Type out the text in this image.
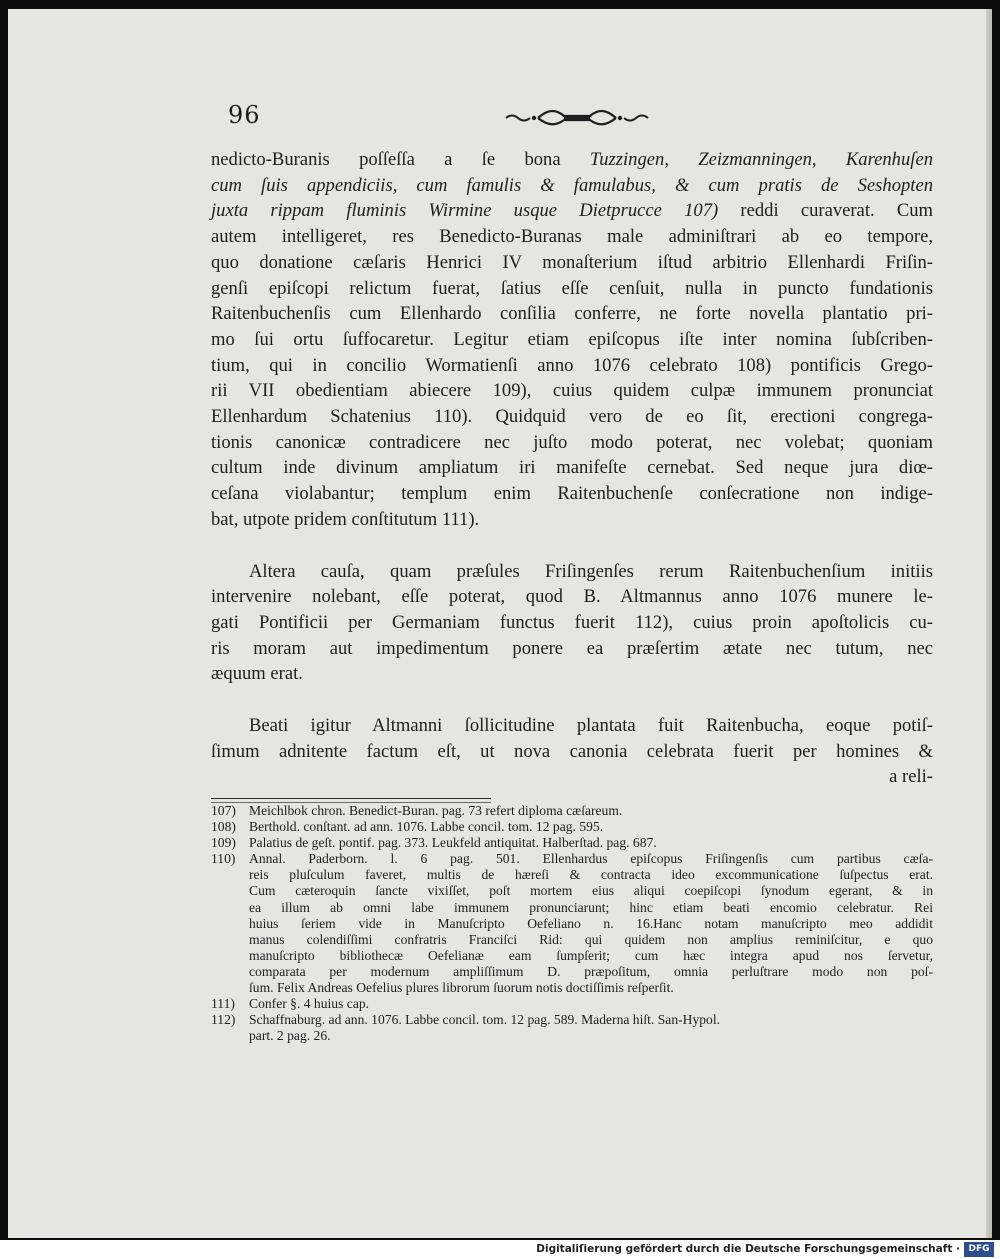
96
nedicto-Buranis poſſeſſa a ſe bona Tuzzingen, Zeizmanningen, Karenhuſen
cum ſuis appendiciis, cum famulis & famulabus, & cum pratis de Seshopten
juxta rippam fluminis Wirmine usque Dietprucce 107) reddi curaverat. Cum
autem intelligeret, res Benedicto-Buranas male adminiſtrari ab eo tempore,
quo donatione cæſaris Henrici IV monaſterium iſtud arbitrio Ellenhardi Friſin-
genſi epiſcopi relictum fuerat, ſatius eſſe cenſuit, nulla in puncto fundationis
Raitenbuchenſis cum Ellenhardo conſilia conferre, ne forte novella plantatio pri-
mo ſui ortu ſuffocaretur. Legitur etiam epiſcopus iſte inter nomina ſubſcriben-
tium, qui in concilio Wormatienſi anno 1076 celebrato 108) pontificis Grego-
rii VII obedientiam abiecere 109), cuius quidem culpæ immunem pronunciat
Ellenhardum Schatenius 110). Quidquid vero de eo ſit, erectioni congrega-
tionis canonicæ contradicere nec juſto modo poterat, nec volebat; quoniam
cultum inde divinum ampliatum iri manifeſte cernebat. Sed neque jura diœ-
ceſana violabantur; templum enim Raitenbuchenſe conſecratione non indige-
bat, utpote pridem conſtitutum 111).
Altera cauſa, quam præſules Friſingenſes rerum Raitenbuchenſium initiis
intervenire nolebant, eſſe poterat, quod B. Altmannus anno 1076 munere le-
gati Pontificii per Germaniam functus fuerit 112), cuius proin apoſtolicis cu-
ris moram aut impedimentum ponere ea præſertim ætate nec tutum, nec
æquum erat.
Beati igitur Altmanni ſollicitudine plantata fuit Raitenbucha, eoque potiſ-
ſimum adnitente factum eſt, ut nova canonia celebrata fuerit per homines &
a reli-
107) Meichlbok chron. Benedict-Buran. pag. 73 refert diploma cæſareum.
108) Berthold. conſtant. ad ann. 1076. Labbe concil. tom. 12 pag. 595.
109) Palatius de geſt. pontif. pag. 373. Leukfeld antiquitat. Halberſtad. pag. 687.
110) Annal. Paderborn. l. 6 pag. 501. Ellenhardus epiſcopus Friſingenſis cum partibus cæſa-
reis pluſculum faveret, multis de hæreſi & contracta ideo excommunicatione ſuſpectus erat.
Cum cæteroquin ſancte vixiſſet, poſt mortem eius aliqui coepiſcopi ſynodum egerant, & in
ea illum ab omni labe immunem pronunciarunt; hinc etiam beati encomio celebratur. Rei
huius ſeriem vide in Manuſcripto Oefeliano n. 16.Hanc notam manuſcripto meo addidit
manus colendiſſimi confratris Franciſci Rid: qui quidem non amplius reminiſcitur, e quo
manuſcripto bibliothecæ Oefelianæ eam ſumpſerit; cum hæc integra apud nos ſervetur,
comparata per modernum ampliſſimum D. præpoſitum, omnia perluſtrare modo non poſ-
ſum. Felix Andreas Oefelius plures librorum ſuorum notis doctiſſimis reſperſit.
111) Confer §. 4 huius cap.
112) Schaffnaburg. ad ann. 1076. Labbe concil. tom. 12 pag. 589. Maderna hiſt. San-Hypol.
part. 2 pag. 26.
Digitaliſierung gefördert durch die Deutsche Forschungsgemeinschaft · DFG
